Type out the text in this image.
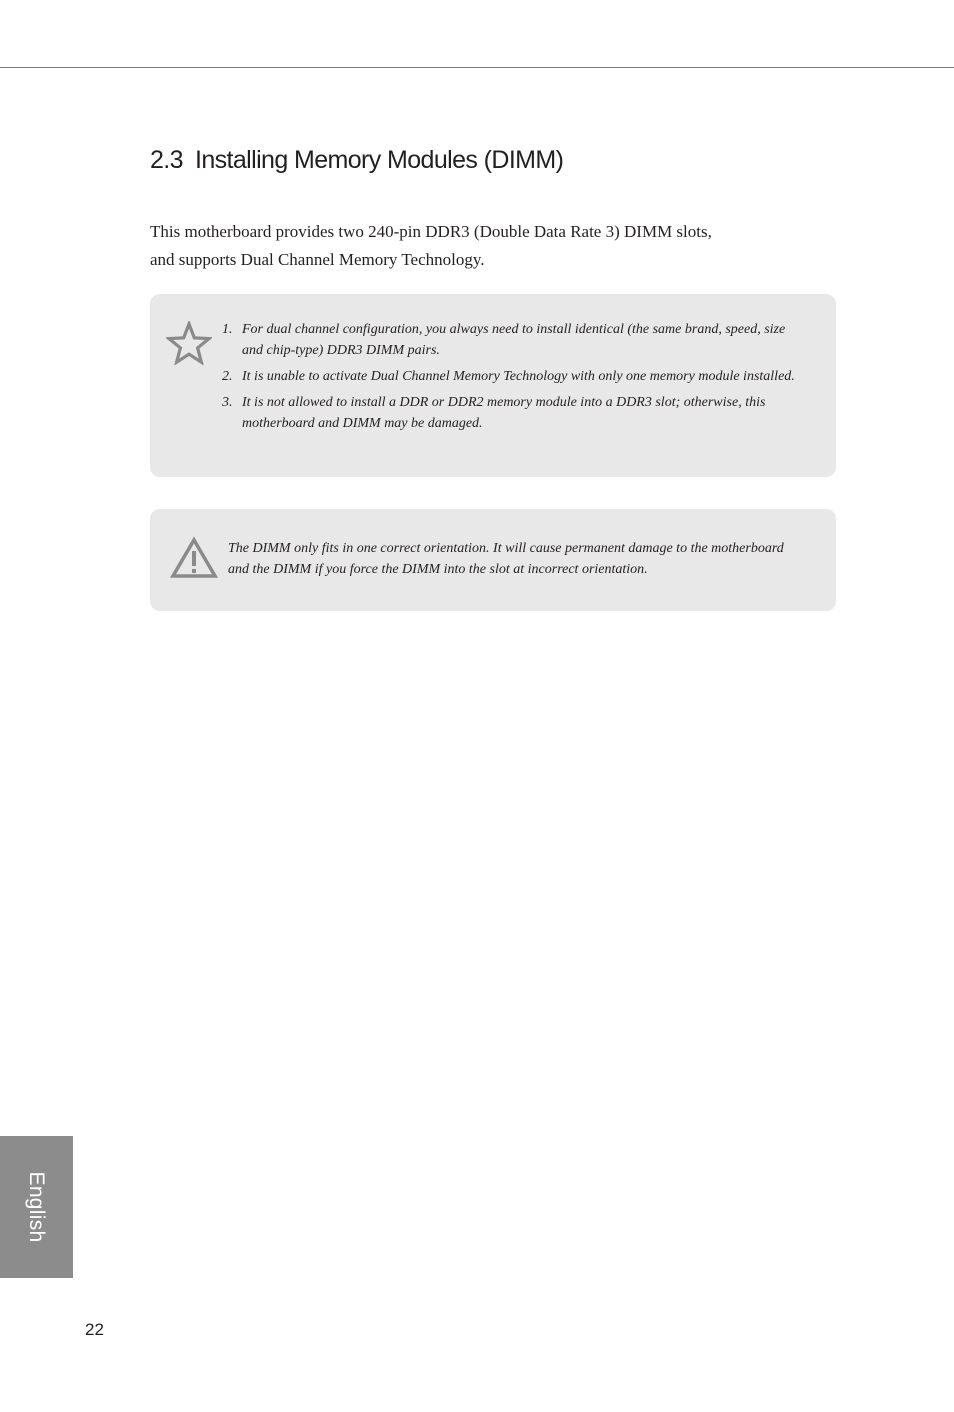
2.3 Installing Memory Modules (DIMM)

This motherboard provides two 240-pin DDR3 (Double Data Rate 3) DIMM slots,
and supports Dual Channel Memory Technology.

1. For dual channel configuration, you always need to install identical (the same brand, speed, size and chip-type) DDR3 DIMM pairs.
2. It is unable to activate Dual Channel Memory Technology with only one memory module installed.
3. It is not allowed to install a DDR or DDR2 memory module into a DDR3 slot; otherwise, this motherboard and DIMM may be damaged.

The DIMM only fits in one correct orientation. It will cause permanent damage to the motherboard and the DIMM if you force the DIMM into the slot at incorrect orientation.

English
22
